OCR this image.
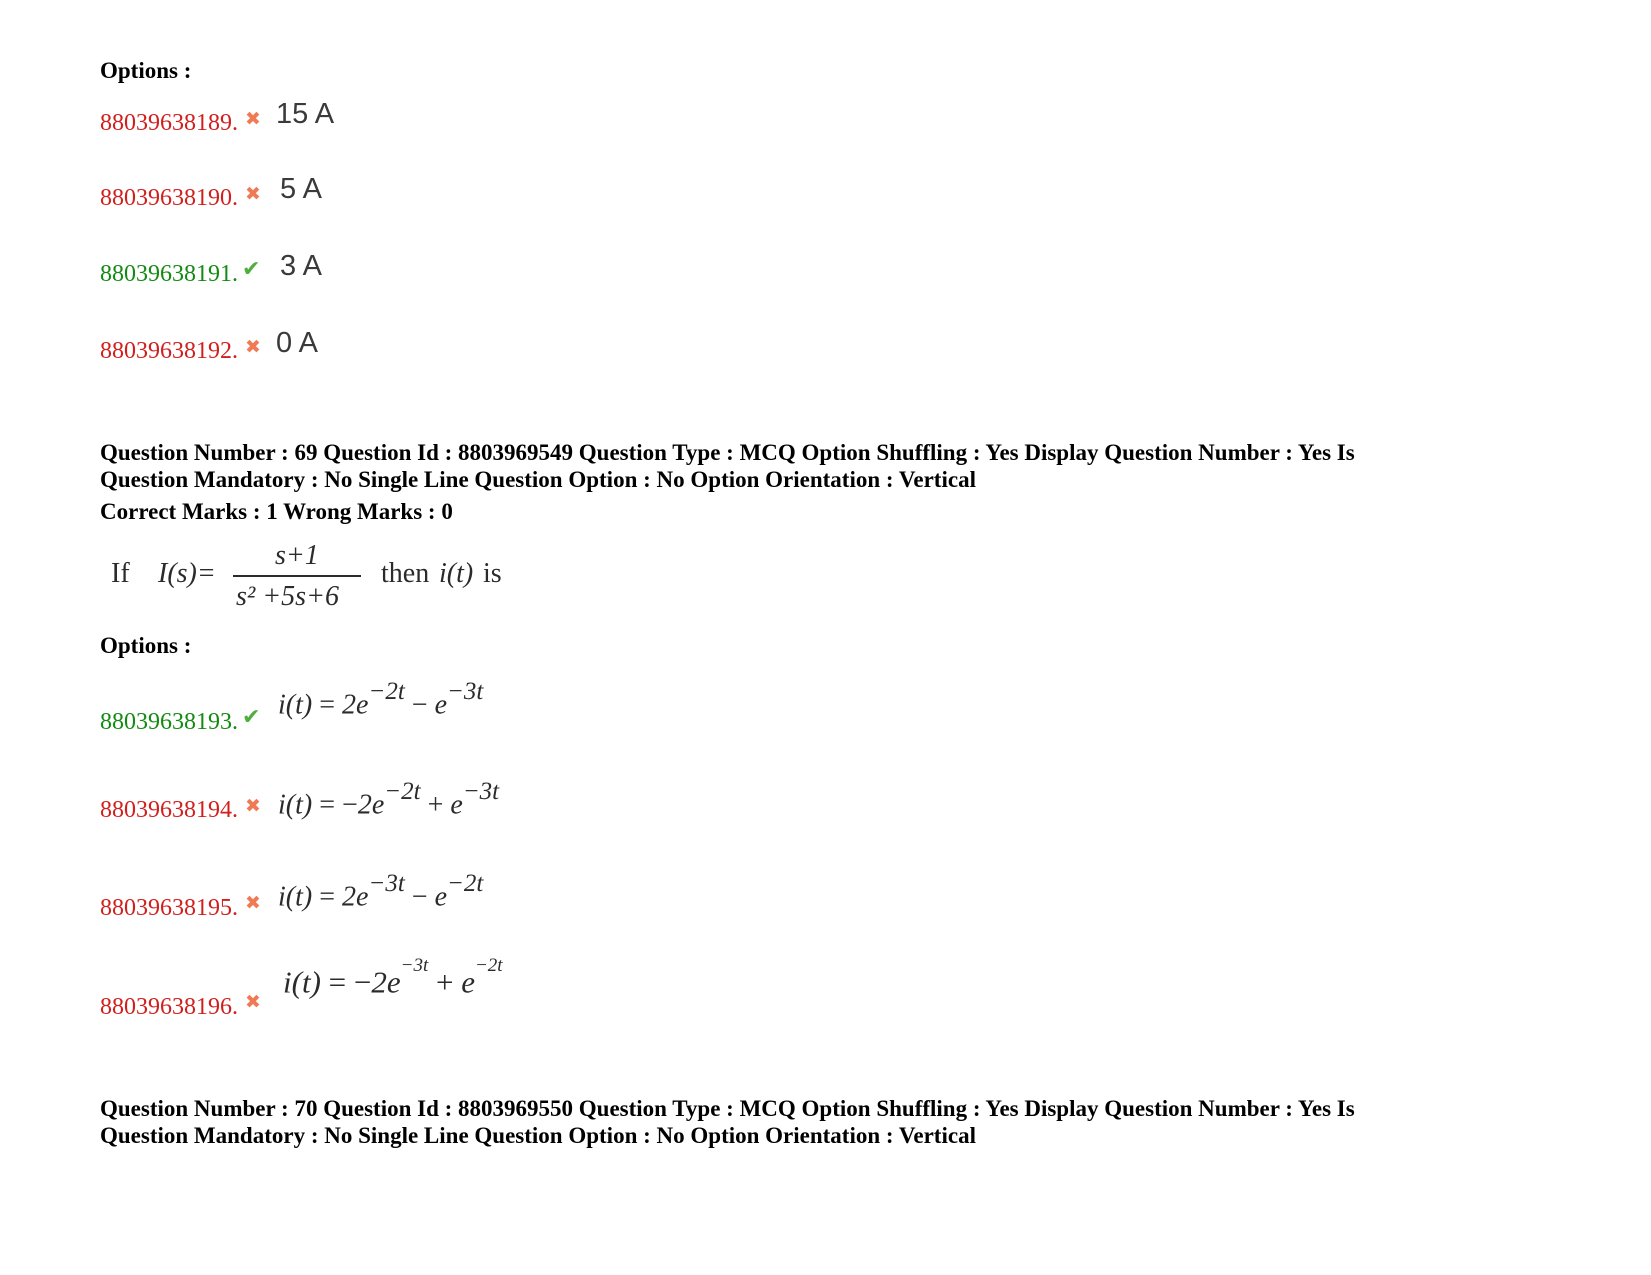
Options :
88039638189. ✖ 15 A
88039638190. ✖ 5 A
88039638191. ✔ 3 A
88039638192. ✖ 0 A
Question Number : 69 Question Id : 8803969549 Question Type : MCQ Option Shuffling : Yes Display Question Number : Yes Is
Question Mandatory : No Single Line Question Option : No Option Orientation : Vertical
Correct Marks : 1 Wrong Marks : 0
If I(s)=
s+1
s² +5s+6
then i(t) is
Options :
88039638193. ✔ $i(t) = 2e^{-2t} - e^{-3t}$
88039638194. ✖ $i(t) = -2e^{-2t} + e^{-3t}$
88039638195. ✖ $i(t) = 2e^{-3t} - e^{-2t}$
88039638196. ✖
$i(t) = -2e^{-3t} + e^{-2t}$
Question Number : 70 Question Id : 8803969550 Question Type : MCQ Option Shuffling : Yes Display Question Number : Yes Is
Question Mandatory : No Single Line Question Option : No Option Orientation : Vertical
